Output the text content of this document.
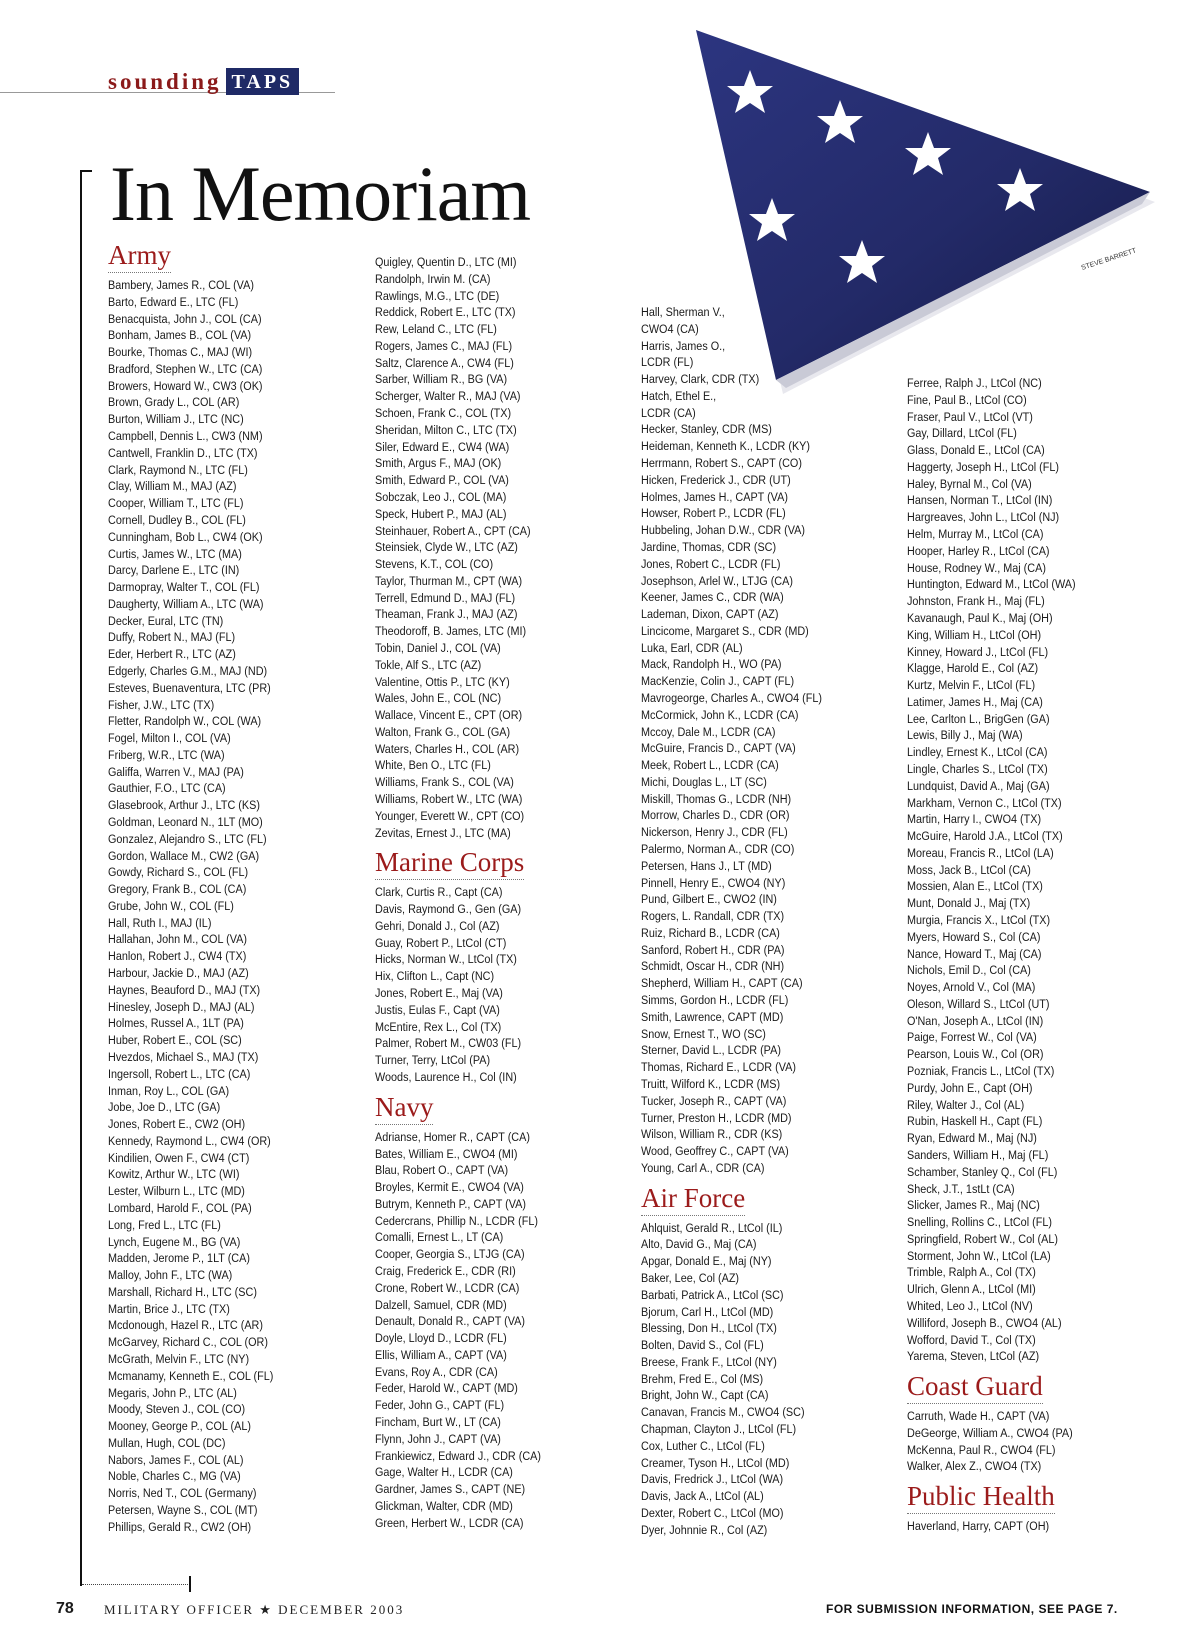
sounding TAPS
In Memoriam
STEVE BARRETT
Army
Bambery, James R., COL (VA)
Barto, Edward E., LTC (FL)
Benacquista, John J., COL (CA)
Bonham, James B., COL (VA)
Bourke, Thomas C., MAJ (WI)
Bradford, Stephen W., LTC (CA)
Browers, Howard W., CW3 (OK)
Brown, Grady L., COL (AR)
Burton, William J., LTC (NC)
Campbell, Dennis L., CW3 (NM)
Cantwell, Franklin D., LTC (TX)
Clark, Raymond N., LTC (FL)
Clay, William M., MAJ (AZ)
Cooper, William T., LTC (FL)
Cornell, Dudley B., COL (FL)
Cunningham, Bob L., CW4 (OK)
Curtis, James W., LTC (MA)
Darcy, Darlene E., LTC (IN)
Darmopray, Walter T., COL (FL)
Daugherty, William A., LTC (WA)
Decker, Eural, LTC (TN)
Duffy, Robert N., MAJ (FL)
Eder, Herbert R., LTC (AZ)
Edgerly, Charles G.M., MAJ (ND)
Esteves, Buenaventura, LTC (PR)
Fisher, J.W., LTC (TX)
Fletter, Randolph W., COL (WA)
Fogel, Milton I., COL (VA)
Friberg, W.R., LTC (WA)
Galiffa, Warren V., MAJ (PA)
Gauthier, F.O., LTC (CA)
Glasebrook, Arthur J., LTC (KS)
Goldman, Leonard N., 1LT (MO)
Gonzalez, Alejandro S., LTC (FL)
Gordon, Wallace M., CW2 (GA)
Gowdy, Richard S., COL (FL)
Gregory, Frank B., COL (CA)
Grube, John W., COL (FL)
Hall, Ruth I., MAJ (IL)
Hallahan, John M., COL (VA)
Hanlon, Robert J., CW4 (TX)
Harbour, Jackie D., MAJ (AZ)
Haynes, Beauford D., MAJ (TX)
Hinesley, Joseph D., MAJ (AL)
Holmes, Russel A., 1LT (PA)
Huber, Robert E., COL (SC)
Hvezdos, Michael S., MAJ (TX)
Ingersoll, Robert L., LTC (CA)
Inman, Roy L., COL (GA)
Jobe, Joe D., LTC (GA)
Jones, Robert E., CW2 (OH)
Kennedy, Raymond L., CW4 (OR)
Kindilien, Owen F., CW4 (CT)
Kowitz, Arthur W., LTC (WI)
Lester, Wilburn L., LTC (MD)
Lombard, Harold F., COL (PA)
Long, Fred L., LTC (FL)
Lynch, Eugene M., BG (VA)
Madden, Jerome P., 1LT (CA)
Malloy, John F., LTC (WA)
Marshall, Richard H., LTC (SC)
Martin, Brice J., LTC (TX)
Mcdonough, Hazel R., LTC (AR)
McGarvey, Richard C., COL (OR)
McGrath, Melvin F., LTC (NY)
Mcmanamy, Kenneth E., COL (FL)
Megaris, John P., LTC (AL)
Moody, Steven J., COL (CO)
Mooney, George P., COL (AL)
Mullan, Hugh, COL (DC)
Nabors, James F., COL (AL)
Noble, Charles C., MG (VA)
Norris, Ned T., COL (Germany)
Petersen, Wayne S., COL (MT)
Phillips, Gerald R., CW2 (OH)
Quigley, Quentin D., LTC (MI)
Randolph, Irwin M. (CA)
Rawlings, M.G., LTC (DE)
Reddick, Robert E., LTC (TX)
Rew, Leland C., LTC (FL)
Rogers, James C., MAJ (FL)
Saltz, Clarence A., CW4 (FL)
Sarber, William R., BG (VA)
Scherger, Walter R., MAJ (VA)
Schoen, Frank C., COL (TX)
Sheridan, Milton C., LTC (TX)
Siler, Edward E., CW4 (WA)
Smith, Argus F., MAJ (OK)
Smith, Edward P., COL (VA)
Sobczak, Leo J., COL (MA)
Speck, Hubert P., MAJ (AL)
Steinhauer, Robert A., CPT (CA)
Steinsiek, Clyde W., LTC (AZ)
Stevens, K.T., COL (CO)
Taylor, Thurman M., CPT (WA)
Terrell, Edmund D., MAJ (FL)
Theaman, Frank J., MAJ (AZ)
Theodoroff, B. James, LTC (MI)
Tobin, Daniel J., COL (VA)
Tokle, Alf S., LTC (AZ)
Valentine, Ottis P., LTC (KY)
Wales, John E., COL (NC)
Wallace, Vincent E., CPT (OR)
Walton, Frank G., COL (GA)
Waters, Charles H., COL (AR)
White, Ben O., LTC (FL)
Williams, Frank S., COL (VA)
Williams, Robert W., LTC (WA)
Younger, Everett W., CPT (CO)
Zevitas, Ernest J., LTC (MA)
Marine Corps
Clark, Curtis R., Capt (CA)
Davis, Raymond G., Gen (GA)
Gehri, Donald J., Col (AZ)
Guay, Robert P., LtCol (CT)
Hicks, Norman W., LtCol (TX)
Hix, Clifton L., Capt (NC)
Jones, Robert E., Maj (VA)
Justis, Eulas F., Capt (VA)
McEntire, Rex L., Col (TX)
Palmer, Robert M., CW03 (FL)
Turner, Terry, LtCol (PA)
Woods, Laurence H., Col (IN)
Navy
Adrianse, Homer R., CAPT (CA)
Bates, William E., CWO4 (MI)
Blau, Robert O., CAPT (VA)
Broyles, Kermit E., CWO4 (VA)
Butrym, Kenneth P., CAPT (VA)
Cedercrans, Phillip N., LCDR (FL)
Comalli, Ernest L., LT (CA)
Cooper, Georgia S., LTJG (CA)
Craig, Frederick E., CDR (RI)
Crone, Robert W., LCDR (CA)
Dalzell, Samuel, CDR (MD)
Denault, Donald R., CAPT (VA)
Doyle, Lloyd D., LCDR (FL)
Ellis, William A., CAPT (VA)
Evans, Roy A., CDR (CA)
Feder, Harold W., CAPT (MD)
Feder, John G., CAPT (FL)
Fincham, Burt W., LT (CA)
Flynn, John J., CAPT (VA)
Frankiewicz, Edward J., CDR (CA)
Gage, Walter H., LCDR (CA)
Gardner, James S., CAPT (NE)
Glickman, Walter, CDR (MD)
Green, Herbert W., LCDR (CA)
Hall, Sherman V.,
CWO4 (CA)
Harris, James O.,
LCDR (FL)
Harvey, Clark, CDR (TX)
Hatch, Ethel E.,
LCDR (CA)
Hecker, Stanley, CDR (MS)
Heideman, Kenneth K., LCDR (KY)
Herrmann, Robert S., CAPT (CO)
Hicken, Frederick J., CDR (UT)
Holmes, James H., CAPT (VA)
Howser, Robert P., LCDR (FL)
Hubbeling, Johan D.W., CDR (VA)
Jardine, Thomas, CDR (SC)
Jones, Robert C., LCDR (FL)
Josephson, Arlel W., LTJG (CA)
Keener, James C., CDR (WA)
Lademan, Dixon, CAPT (AZ)
Lincicome, Margaret S., CDR (MD)
Luka, Earl, CDR (AL)
Mack, Randolph H., WO (PA)
MacKenzie, Colin J., CAPT (FL)
Mavrogeorge, Charles A., CWO4 (FL)
McCormick, John K., LCDR (CA)
Mccoy, Dale M., LCDR (CA)
McGuire, Francis D., CAPT (VA)
Meek, Robert L., LCDR (CA)
Michi, Douglas L., LT (SC)
Miskill, Thomas G., LCDR (NH)
Morrow, Charles D., CDR (OR)
Nickerson, Henry J., CDR (FL)
Palermo, Norman A., CDR (CO)
Petersen, Hans J., LT (MD)
Pinnell, Henry E., CWO4 (NY)
Pund, Gilbert E., CWO2 (IN)
Rogers, L. Randall, CDR (TX)
Ruiz, Richard B., LCDR (CA)
Sanford, Robert H., CDR (PA)
Schmidt, Oscar H., CDR (NH)
Shepherd, William H., CAPT (CA)
Simms, Gordon H., LCDR (FL)
Smith, Lawrence, CAPT (MD)
Snow, Ernest T., WO (SC)
Sterner, David L., LCDR (PA)
Thomas, Richard E., LCDR (VA)
Truitt, Wilford K., LCDR (MS)
Tucker, Joseph R., CAPT (VA)
Turner, Preston H., LCDR (MD)
Wilson, William R., CDR (KS)
Wood, Geoffrey C., CAPT (VA)
Young, Carl A., CDR (CA)
Air Force
Ahlquist, Gerald R., LtCol (IL)
Alto, David G., Maj (CA)
Apgar, Donald E., Maj (NY)
Baker, Lee, Col (AZ)
Barbati, Patrick A., LtCol (SC)
Bjorum, Carl H., LtCol (MD)
Blessing, Don H., LtCol (TX)
Bolten, David S., Col (FL)
Breese, Frank F., LtCol (NY)
Brehm, Fred E., Col (MS)
Bright, John W., Capt (CA)
Canavan, Francis M., CWO4 (SC)
Chapman, Clayton J., LtCol (FL)
Cox, Luther C., LtCol (FL)
Creamer, Tyson H., LtCol (MD)
Davis, Fredrick J., LtCol (WA)
Davis, Jack A., LtCol (AL)
Dexter, Robert C., LtCol (MO)
Dyer, Johnnie R., Col (AZ)
Ferree, Ralph J., LtCol (NC)
Fine, Paul B., LtCol (CO)
Fraser, Paul V., LtCol (VT)
Gay, Dillard, LtCol (FL)
Glass, Donald E., LtCol (CA)
Haggerty, Joseph H., LtCol (FL)
Haley, Byrnal M., Col (VA)
Hansen, Norman T., LtCol (IN)
Hargreaves, John L., LtCol (NJ)
Helm, Murray M., LtCol (CA)
Hooper, Harley R., LtCol (CA)
House, Rodney W., Maj (CA)
Huntington, Edward M., LtCol (WA)
Johnston, Frank H., Maj (FL)
Kavanaugh, Paul K., Maj (OH)
King, William H., LtCol (OH)
Kinney, Howard J., LtCol (FL)
Klagge, Harold E., Col (AZ)
Kurtz, Melvin F., LtCol (FL)
Latimer, James H., Maj (CA)
Lee, Carlton L., BrigGen (GA)
Lewis, Billy J., Maj (WA)
Lindley, Ernest K., LtCol (CA)
Lingle, Charles S., LtCol (TX)
Lundquist, David A., Maj (GA)
Markham, Vernon C., LtCol (TX)
Martin, Harry I., CWO4 (TX)
McGuire, Harold J.A., LtCol (TX)
Moreau, Francis R., LtCol (LA)
Moss, Jack B., LtCol (CA)
Mossien, Alan E., LtCol (TX)
Munt, Donald J., Maj (TX)
Murgia, Francis X., LtCol (TX)
Myers, Howard S., Col (CA)
Nance, Howard T., Maj (CA)
Nichols, Emil D., Col (CA)
Noyes, Arnold V., Col (MA)
Oleson, Willard S., LtCol (UT)
O'Nan, Joseph A., LtCol (IN)
Paige, Forrest W., Col (VA)
Pearson, Louis W., Col (OR)
Pozniak, Francis L., LtCol (TX)
Purdy, John E., Capt (OH)
Riley, Walter J., Col (AL)
Rubin, Haskell H., Capt (FL)
Ryan, Edward M., Maj (NJ)
Sanders, William H., Maj (FL)
Schamber, Stanley Q., Col (FL)
Sheck, J.T., 1stLt (CA)
Slicker, James R., Maj (NC)
Snelling, Rollins C., LtCol (FL)
Springfield, Robert W., Col (AL)
Storment, John W., LtCol (LA)
Trimble, Ralph A., Col (TX)
Ulrich, Glenn A., LtCol (MI)
Whited, Leo J., LtCol (NV)
Williford, Joseph B., CWO4 (AL)
Wofford, David T., Col (TX)
Yarema, Steven, LtCol (AZ)
Coast Guard
Carruth, Wade H., CAPT (VA)
DeGeorge, William A., CWO4 (PA)
McKenna, Paul R., CWO4 (FL)
Walker, Alex Z., CWO4 (TX)
Public Health
Haverland, Harry, CAPT (OH)
78 MILITARY OFFICER ★ DECEMBER 2003	FOR SUBMISSION INFORMATION, SEE PAGE 7.
